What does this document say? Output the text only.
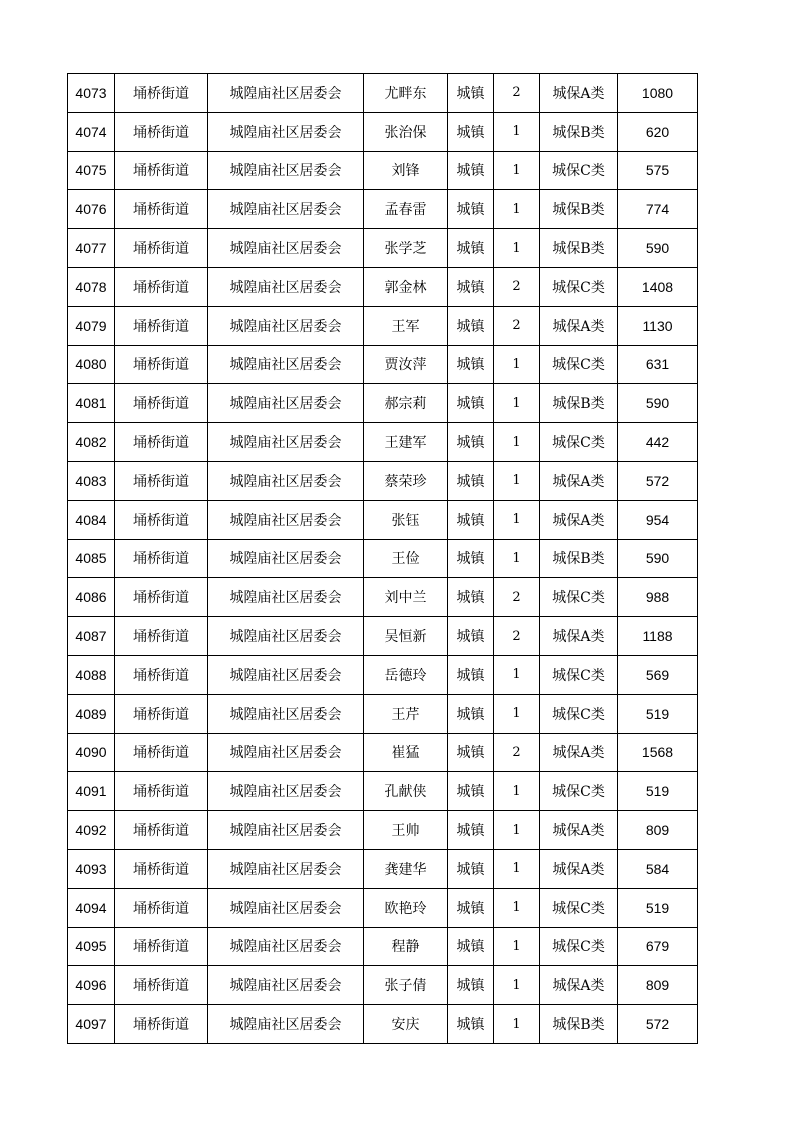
4073	埇桥街道	城隍庙社区居委会	尤畔东	城镇	2	城保A类	1080
4074	埇桥街道	城隍庙社区居委会	张治保	城镇	1	城保B类	620
4075	埇桥街道	城隍庙社区居委会	刘锋	城镇	1	城保C类	575
4076	埇桥街道	城隍庙社区居委会	孟春雷	城镇	1	城保B类	774
4077	埇桥街道	城隍庙社区居委会	张学芝	城镇	1	城保B类	590
4078	埇桥街道	城隍庙社区居委会	郭金林	城镇	2	城保C类	1408
4079	埇桥街道	城隍庙社区居委会	王军	城镇	2	城保A类	1130
4080	埇桥街道	城隍庙社区居委会	贾汝萍	城镇	1	城保C类	631
4081	埇桥街道	城隍庙社区居委会	郝宗莉	城镇	1	城保B类	590
4082	埇桥街道	城隍庙社区居委会	王建军	城镇	1	城保C类	442
4083	埇桥街道	城隍庙社区居委会	蔡荣珍	城镇	1	城保A类	572
4084	埇桥街道	城隍庙社区居委会	张钰	城镇	1	城保A类	954
4085	埇桥街道	城隍庙社区居委会	王俭	城镇	1	城保B类	590
4086	埇桥街道	城隍庙社区居委会	刘中兰	城镇	2	城保C类	988
4087	埇桥街道	城隍庙社区居委会	吴恒新	城镇	2	城保A类	1188
4088	埇桥街道	城隍庙社区居委会	岳德玲	城镇	1	城保C类	569
4089	埇桥街道	城隍庙社区居委会	王芹	城镇	1	城保C类	519
4090	埇桥街道	城隍庙社区居委会	崔猛	城镇	2	城保A类	1568
4091	埇桥街道	城隍庙社区居委会	孔献侠	城镇	1	城保C类	519
4092	埇桥街道	城隍庙社区居委会	王帅	城镇	1	城保A类	809
4093	埇桥街道	城隍庙社区居委会	龚建华	城镇	1	城保A类	584
4094	埇桥街道	城隍庙社区居委会	欧艳玲	城镇	1	城保C类	519
4095	埇桥街道	城隍庙社区居委会	程静	城镇	1	城保C类	679
4096	埇桥街道	城隍庙社区居委会	张子倩	城镇	1	城保A类	809
4097	埇桥街道	城隍庙社区居委会	安庆	城镇	1	城保B类	572
